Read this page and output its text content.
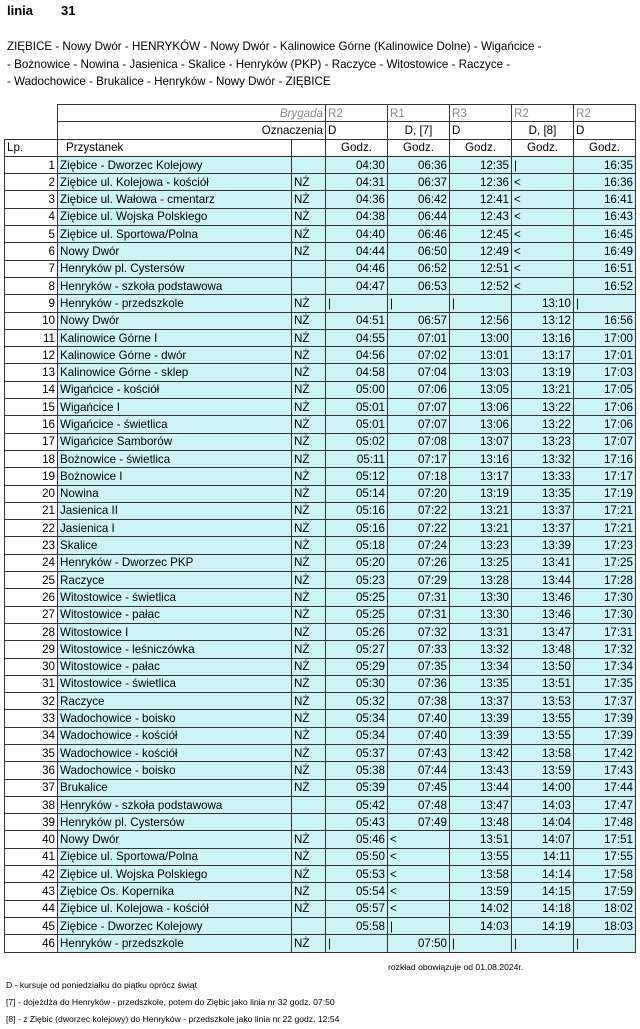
linia 31
ZIĘBICE - Nowy Dwór - HENRYKÓW - Nowy Dwór - Kalinowice Górne (Kalinowice Dolne) - Wigańcice -
- Bożnowice - Nowina - Jasienica - Skalice - Henryków (PKP) - Raczyce - Witostowice - Raczyce -
- Wadochowice - Brukalice - Henryków - Nowy Dwór - ZIĘBICE
	Brygada		R2	R1	R3	R2	R2
	Oznaczenia		D	D, [7]	D	D, [8]	D
Lp.	Przystanek		Godz.	Godz.	Godz.	Godz.	Godz.
1	Ziębice - Dworzec Kolejowy		04:30	06:36	12:35	|	16:35
2	Ziębice ul. Kolejowa - kościół	NŻ	04:31	06:37	12:36	<	16:36
3	Ziębice ul. Wałowa - cmentarz	NŻ	04:36	06:42	12:41	<	16:41
4	Ziębice ul. Wojska Polskiego	NŻ	04:38	06:44	12:43	<	16:43
5	Ziębice ul. Sportowa/Polna	NŻ	04:40	06:46	12:45	<	16:45
6	Nowy Dwór	NŻ	04:44	06:50	12:49	<	16:49
7	Henryków pl. Cystersów		04:46	06:52	12:51	<	16:51
8	Henryków - szkoła podstawowa		04:47	06:53	12:52	<	16:52
9	Henryków - przedszkole	NŻ	|	|	|	13:10	|
10	Nowy Dwór	NŻ	04:51	06:57	12:56	13:12	16:56
11	Kalinowice Górne I	NŻ	04:55	07:01	13:00	13:16	17:00
12	Kalinowice Górne - dwór	NŻ	04:56	07:02	13:01	13:17	17:01
13	Kalinowice Górne - sklep	NŻ	04:58	07:04	13:03	13:19	17:03
14	Wigańcice - kościół	NŻ	05:00	07:06	13:05	13:21	17:05
15	Wigańcice I	NŻ	05:01	07:07	13:06	13:22	17:06
16	Wigańcice - świetlica	NŻ	05:01	07:07	13:06	13:22	17:06
17	Wigańcice Samborów	NŻ	05:02	07:08	13:07	13:23	17:07
18	Bożnowice - świetlica	NŻ	05:11	07:17	13:16	13:32	17:16
19	Bożnowice I	NŻ	05:12	07:18	13:17	13:33	17:17
20	Nowina	NŻ	05:14	07:20	13:19	13:35	17:19
21	Jasienica II	NŻ	05:16	07:22	13:21	13:37	17:21
22	Jasienica I	NŻ	05:16	07:22	13:21	13:37	17:21
23	Skalice	NŻ	05:18	07:24	13:23	13:39	17:23
24	Henryków - Dworzec PKP	NŻ	05:20	07:26	13:25	13:41	17:25
25	Raczyce	NŻ	05:23	07:29	13:28	13:44	17:28
26	Witostowice - świetlica	NŻ	05:25	07:31	13:30	13:46	17:30
27	Witostowice - pałac	NŻ	05:25	07:31	13:30	13:46	17:30
28	Witostowice I	NŻ	05:26	07:32	13:31	13:47	17:31
29	Witostowice - leśniczówka	NŻ	05:27	07:33	13:32	13:48	17:32
30	Witostowice - pałac	NŻ	05:29	07:35	13:34	13:50	17:34
31	Witostowice - świetlica	NŻ	05:30	07:36	13:35	13:51	17:35
32	Raczyce	NŻ	05:32	07:38	13:37	13:53	17:37
33	Wadochowice - boisko	NŻ	05:34	07:40	13:39	13:55	17:39
34	Wadochowice - kościół	NŻ	05:34	07:40	13:39	13:55	17:39
35	Wadochowice - kościół	NŻ	05:37	07:43	13:42	13:58	17:42
36	Wadochowice - boisko	NŻ	05:38	07:44	13:43	13:59	17:43
37	Brukalice	NŻ	05:39	07:45	13:44	14:00	17:44
38	Henryków - szkoła podstawowa		05:42	07:48	13:47	14:03	17:47
39	Henryków pl. Cystersów		05:43	07:49	13:48	14:04	17:48
40	Nowy Dwór	NŻ	05:46	<	13:51	14:07	17:51
41	Ziębice ul. Sportowa/Polna	NŻ	05:50	<	13:55	14:11	17:55
42	Ziębice ul. Wojska Polskiego	NŻ	05:53	<	13:58	14:14	17:58
43	Ziębice Os. Kopernika	NŻ	05:54	<	13:59	14:15	17:59
44	Ziębice ul. Kolejowa - kościół	NŻ	05:57	<	14:02	14:18	18:02
45	Ziębice - Dworzec Kolejowy		05:58	|	14:03	14:19	18:03
46	Henryków - przedszkole	NŻ	|	07:50	|	|	|
rozkład obowiązuje od 01.08.2024r.
D - kursuje od poniedziałku do piątku oprócz świąt
[7] - dojeżdża do Henryków - przedszkole, potem do Ziębic jako linia nr 32 godz. 07:50
[8] - z Ziębic (dworzec kolejowy) do Henryków - przedszkole jako linia nr 22 godz. 12:54
